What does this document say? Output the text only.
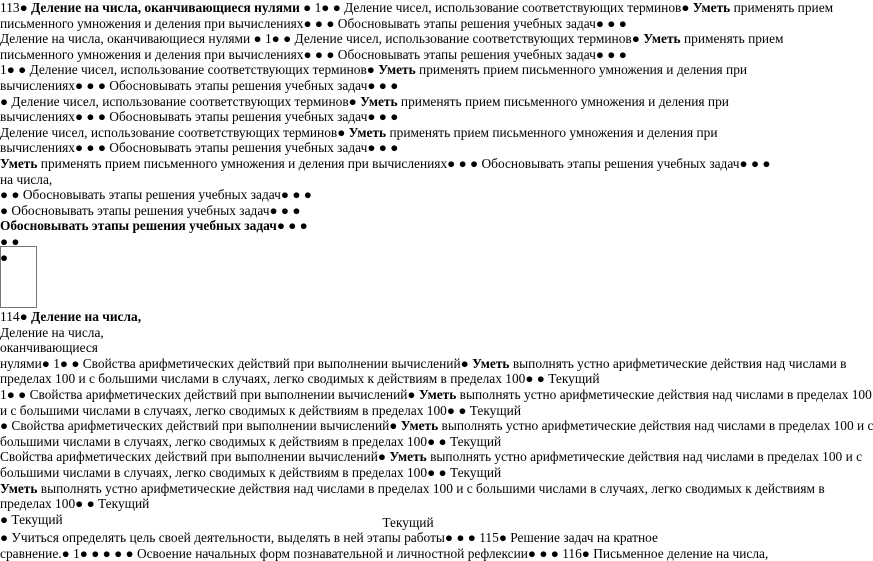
113● Деление на числа, оканчивающиеся нулями ● 1● ● Деление чисел, использование соответствующих терминов● Уметь применять прием
письменного умножения и деления при вычислениях● ● ● Обосновывать этапы решения учебных задач● ● ●
Деление на числа, оканчивающиеся нулями ● 1● ● Деление чисел, использование соответствующих терминов● Уметь применять прием
письменного умножения и деления при вычислениях● ● ● Обосновывать этапы решения учебных задач● ● ●
1● ● Деление чисел, использование соответствующих терминов● Уметь применять прием письменного умножения и деления при
вычислениях● ● ● Обосновывать этапы решения учебных задач● ● ●
● Деление чисел, использование соответствующих терминов● Уметь применять прием письменного умножения и деления при
вычислениях● ● ● Обосновывать этапы решения учебных задач● ● ●
Деление чисел, использование соответствующих терминов● Уметь применять прием письменного умножения и деления при
вычислениях● ● ● Обосновывать этапы решения учебных задач● ● ●
Уметь применять прием письменного умножения и деления при вычислениях● ● ● Обосновывать этапы решения учебных задач● ● ●
на числа,
● ● Обосновывать этапы решения учебных задач● ● ●
● Обосновывать этапы решения учебных задач● ● ●
Обосновывать этапы решения учебных задач● ● ●
● ●
●
114● Деление на числа,
Деление на числа,
оканчивающиеся
нулями● 1● ● Свойства арифметических действий при выполнении вычислений● Уметь выполнять устно арифметические действия над числами в
пределах 100 и с большими числами в случаях, легко сводимых к действиям в пределах 100● ● Текущий
1● ● Свойства арифметических действий при выполнении вычислений● Уметь выполнять устно арифметические действия над числами в пределах 100
и с большими числами в случаях, легко сводимых к действиям в пределах 100● ● Текущий
● Свойства арифметических действий при выполнении вычислений● Уметь выполнять устно арифметические действия над числами в пределах 100 и с
большими числами в случаях, легко сводимых к действиям в пределах 100● ● Текущий
Свойства арифметических действий при выполнении вычислений● Уметь выполнять устно арифметические действия над числами в пределах 100 и с
большими числами в случаях, легко сводимых к действиям в пределах 100● ● Текущий
Уметь выполнять устно арифметические действия над числами в пределах 100 и с большими числами в случаях, легко сводимых к действиям в
пределах 100● ● Текущий
● Текущий	Текущий
● Учиться определять цель своей деятельности, выделять в ней этапы работы● ● ● 115● Решение задач на кратное
сравнение.● 1● ● ● ● ● Освоение начальных форм познавательной и личностной рефлексии● ● ● 116● Письменное деление на числа,
